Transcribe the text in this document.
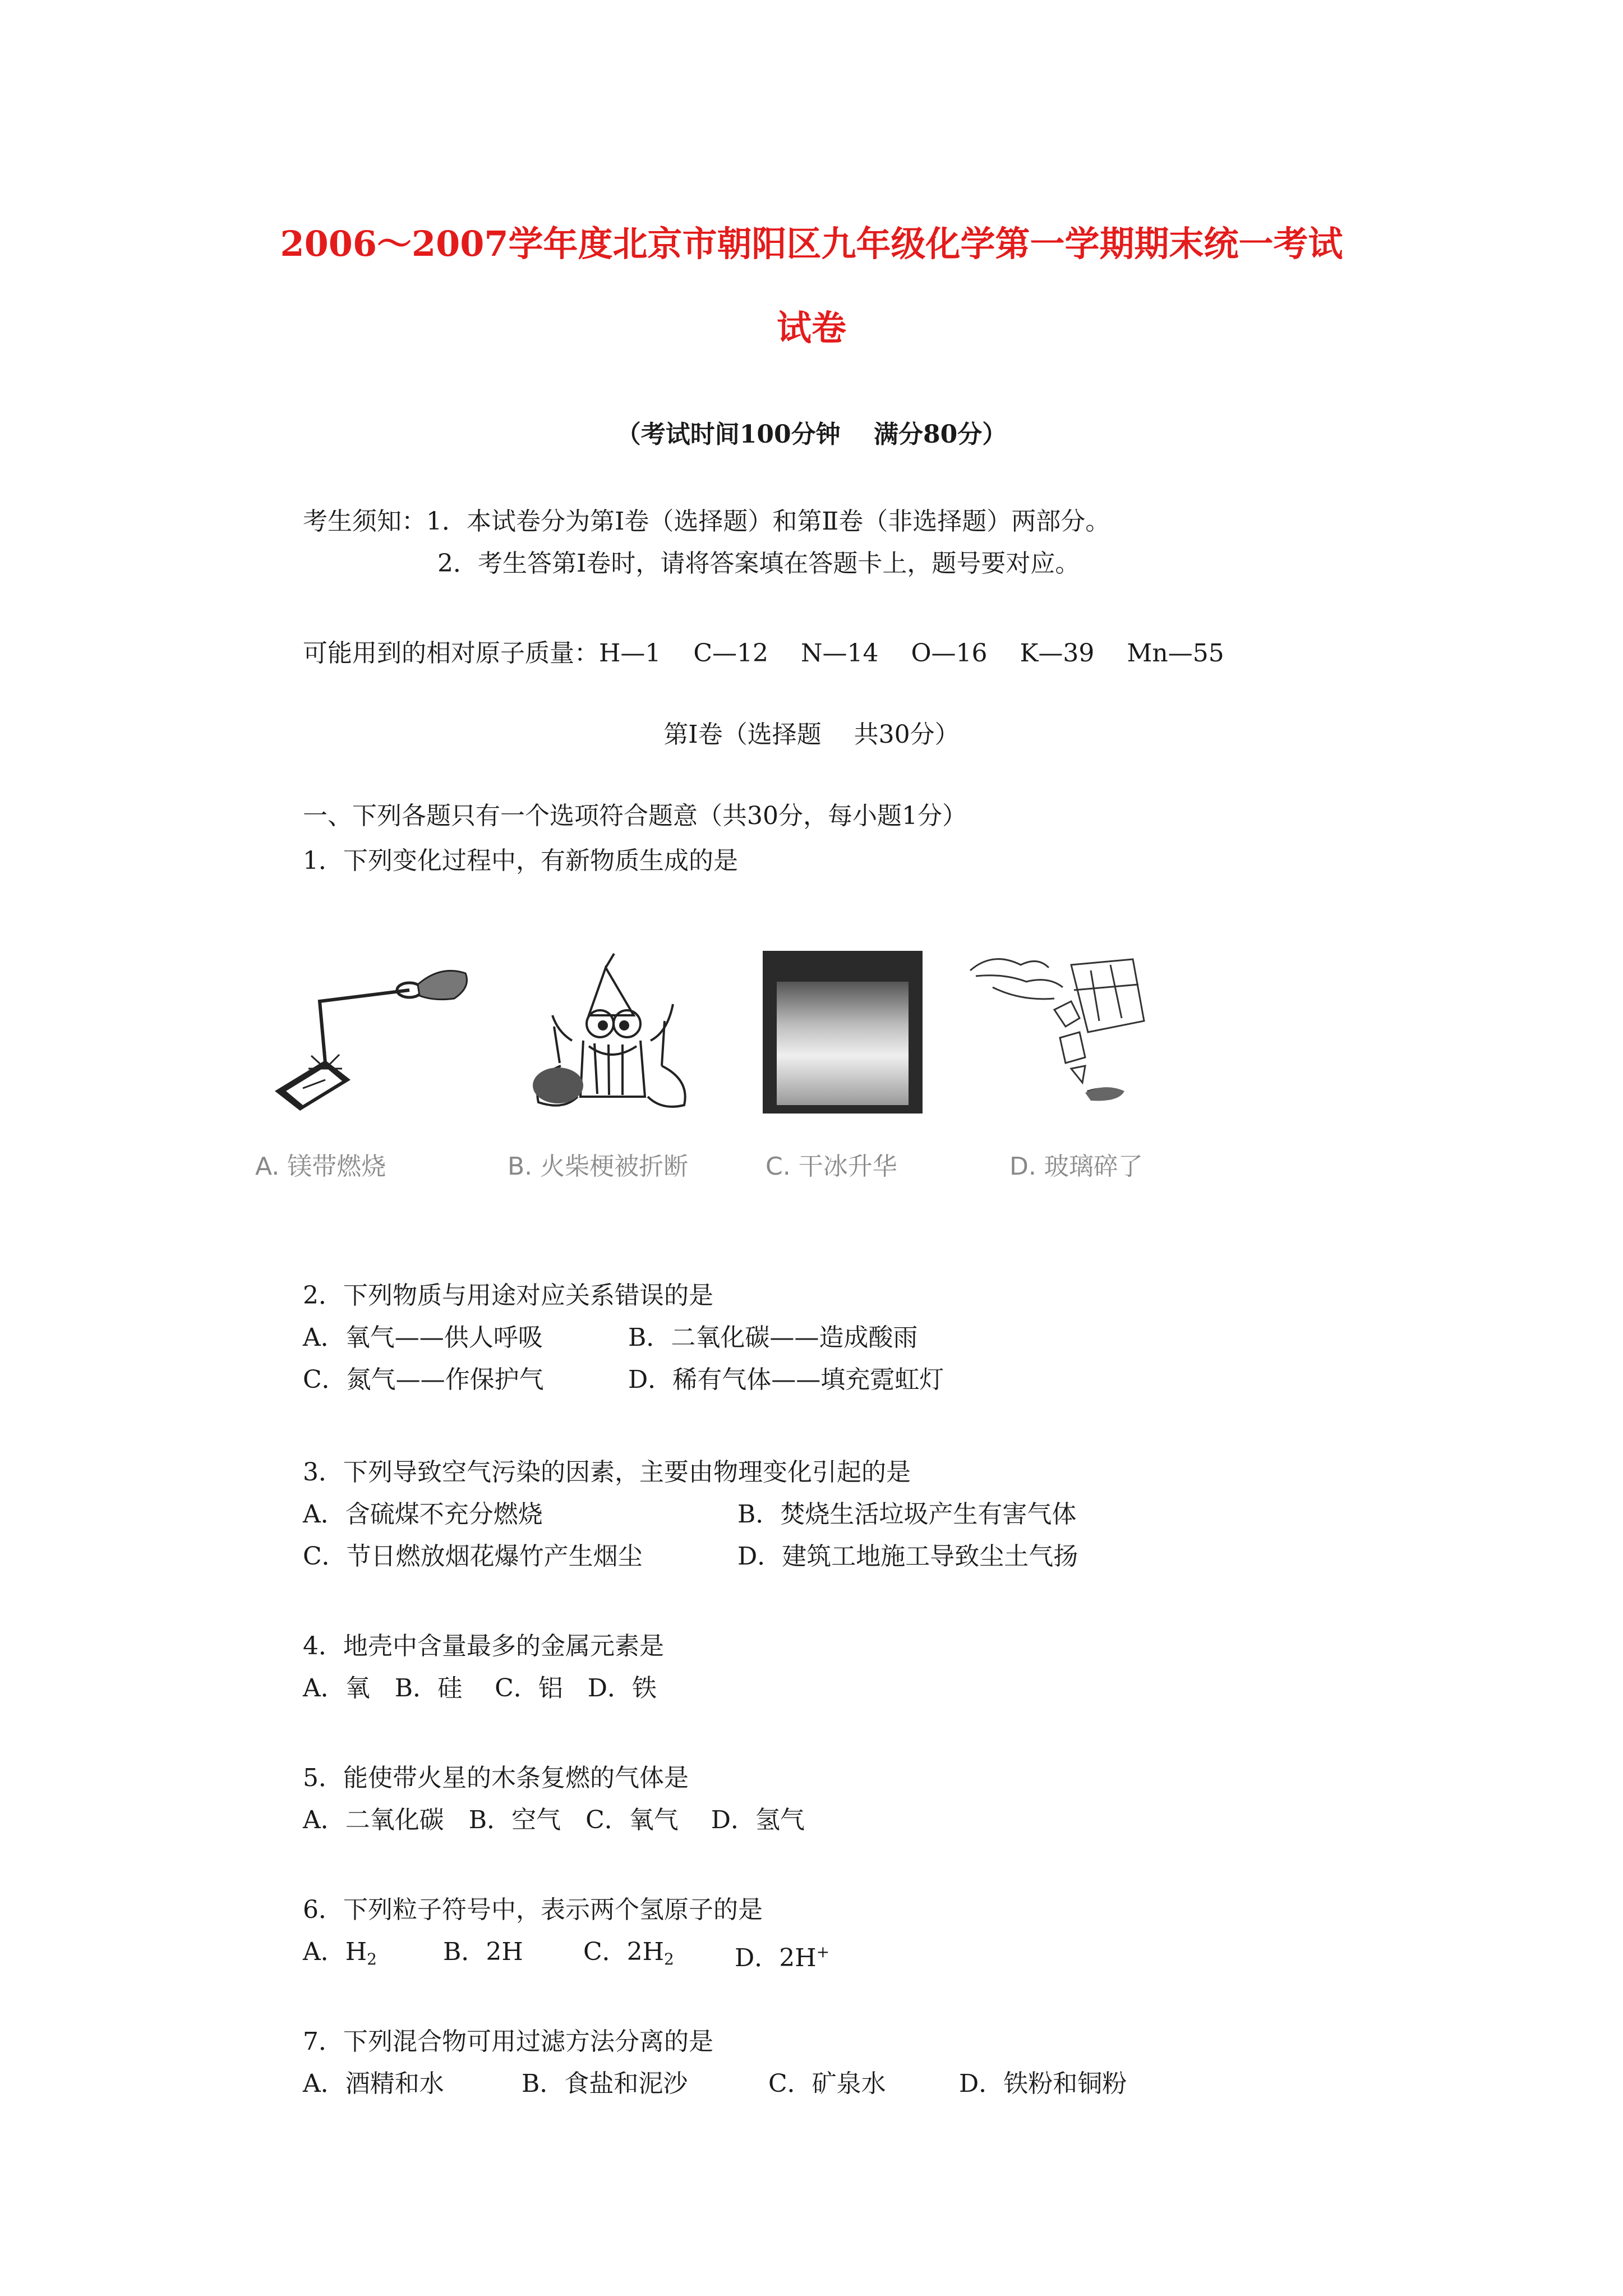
2006～2007学年度北京市朝阳区九年级化学第一学期期末统一考试
试卷
（考试时间100分钟　 满分80分）
考生须知：1．本试卷分为第Ⅰ卷（选择题）和第Ⅱ卷（非选择题）两部分。
2．考生答第Ⅰ卷时，请将答案填在答题卡上，题号要对应。
可能用到的相对原子质量：H—1　 C—12　 N—14　 O—16　 K—39　 Mn—55
第Ⅰ卷（选择题　 共30分）
一、下列各题只有一个选项符合题意（共30分，每小题1分）
1．下列变化过程中，有新物质生成的是
A. 镁带燃烧	B. 火柴梗被折断	C. 干冰升华	D. 玻璃碎了
2．下列物质与用途对应关系错误的是
A．氧气——供人呼吸	B．二氧化碳——造成酸雨
C．氮气——作保护气	D．稀有气体——填充霓虹灯
3．下列导致空气污染的因素，主要由物理变化引起的是
A．含硫煤不充分燃烧	B．焚烧生活垃圾产生有害气体
C．节日燃放烟花爆竹产生烟尘	D．建筑工地施工导致尘土气扬
4．地壳中含量最多的金属元素是
A．氧　B．硅　 C．铝　D．铁
5．能使带火星的木条复燃的气体是
A．二氧化碳　B．空气　C．氧气　 D．氢气
6．下列粒子符号中，表示两个氢原子的是
A．$H_2$	B．2H C．$2H_2$ D．2H+
7．下列混合物可用过滤方法分离的是
A．酒精和水	B．食盐和泥沙	C．矿泉水	D．铁粉和铜粉
